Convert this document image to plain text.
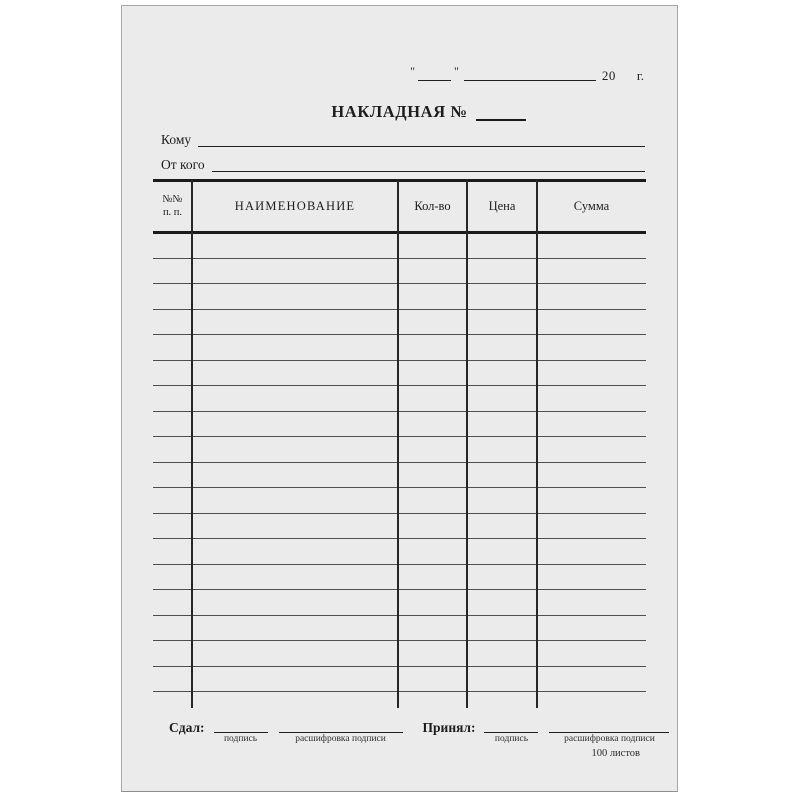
"	"	20 г.
НАКЛАДНАЯ №
Кому
От кого
№№
п. п.	НАИМЕНОВАНИЕ	Кол-во	Цена	Сумма
Сдал:
подпись	расшифровка подписи
Принял:
подпись	расшифровка подписи
100 листов
